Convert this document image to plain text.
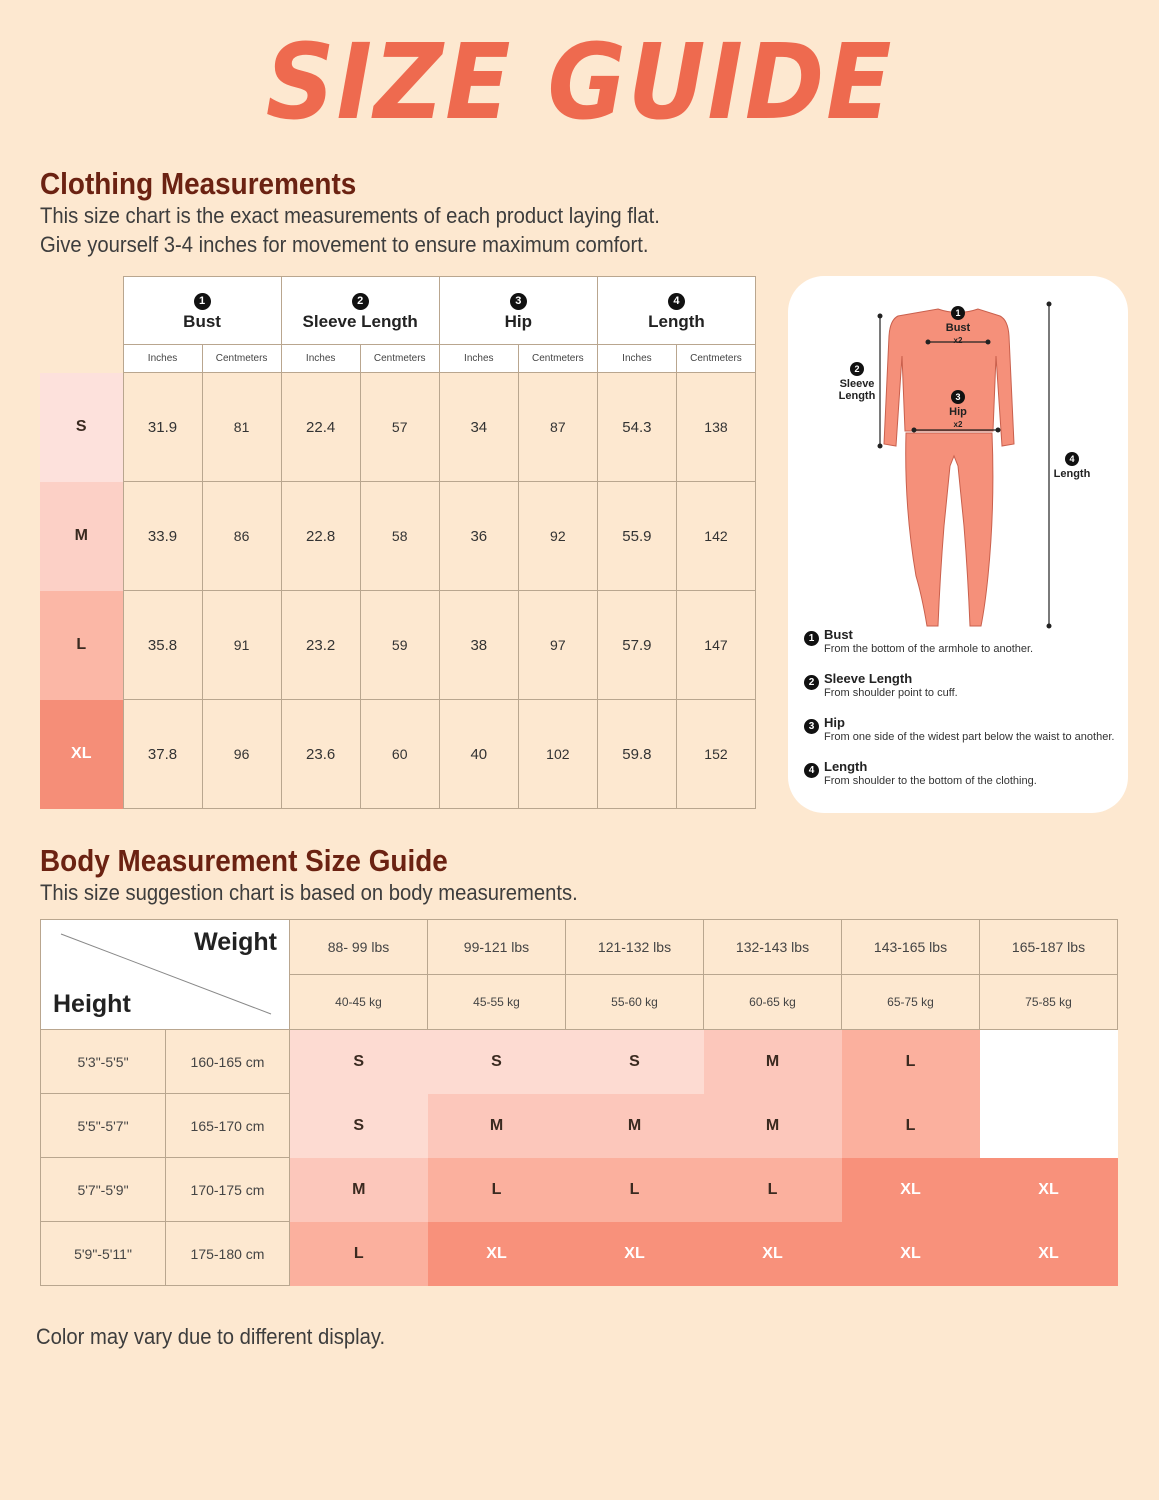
SIZE GUIDE
Clothing Measurements
This size chart is the exact measurements of each product laying flat.
Give yourself 3-4 inches for movement to ensure maximum comfort.
	1
Bust		2
Sleeve Length		3
Hip		4
Length	
	Inches	Centmeters	Inches	Centmeters	Inches	Centmeters	Inches	Centmeters
S	31.9	81	22.4	57	34	87	54.3	138
M	33.9	86	22.8	58	36	92	55.9	142
L	35.8	91	23.2	59	38	97	57.9	147
XL	37.8	96	23.6	60	40	102	59.8	152
1
Bust
x2
2
Sleeve
Length	3
Hip
x2
4
Length
1 Bust
From the bottom of the armhole to another.
2 Sleeve Length
From shoulder point to cuff.
3 Hip
From one side of the widest part below the waist to another.
4 Length
From shoulder to the bottom of the clothing.
Body Measurement Size Guide
This size suggestion chart is based on body measurements.
Weight
Height		88- 99 lbs	99-121 lbs	121-132 lbs	132-143 lbs	143-165 lbs	165-187 lbs
		40-45 kg	45-55 kg	55-60 kg	60-65 kg	65-75 kg	75-85 kg
5'3"-5'5"	160-165 cm	S	S	S	M	L	
5'5"-5'7"	165-170 cm	S	M	M	M	L	
5'7"-5'9"	170-175 cm	M	L	L	L	XL	XL
5'9"-5'11"	175-180 cm	L	XL	XL	XL	XL	XL
Color may vary due to different display.
